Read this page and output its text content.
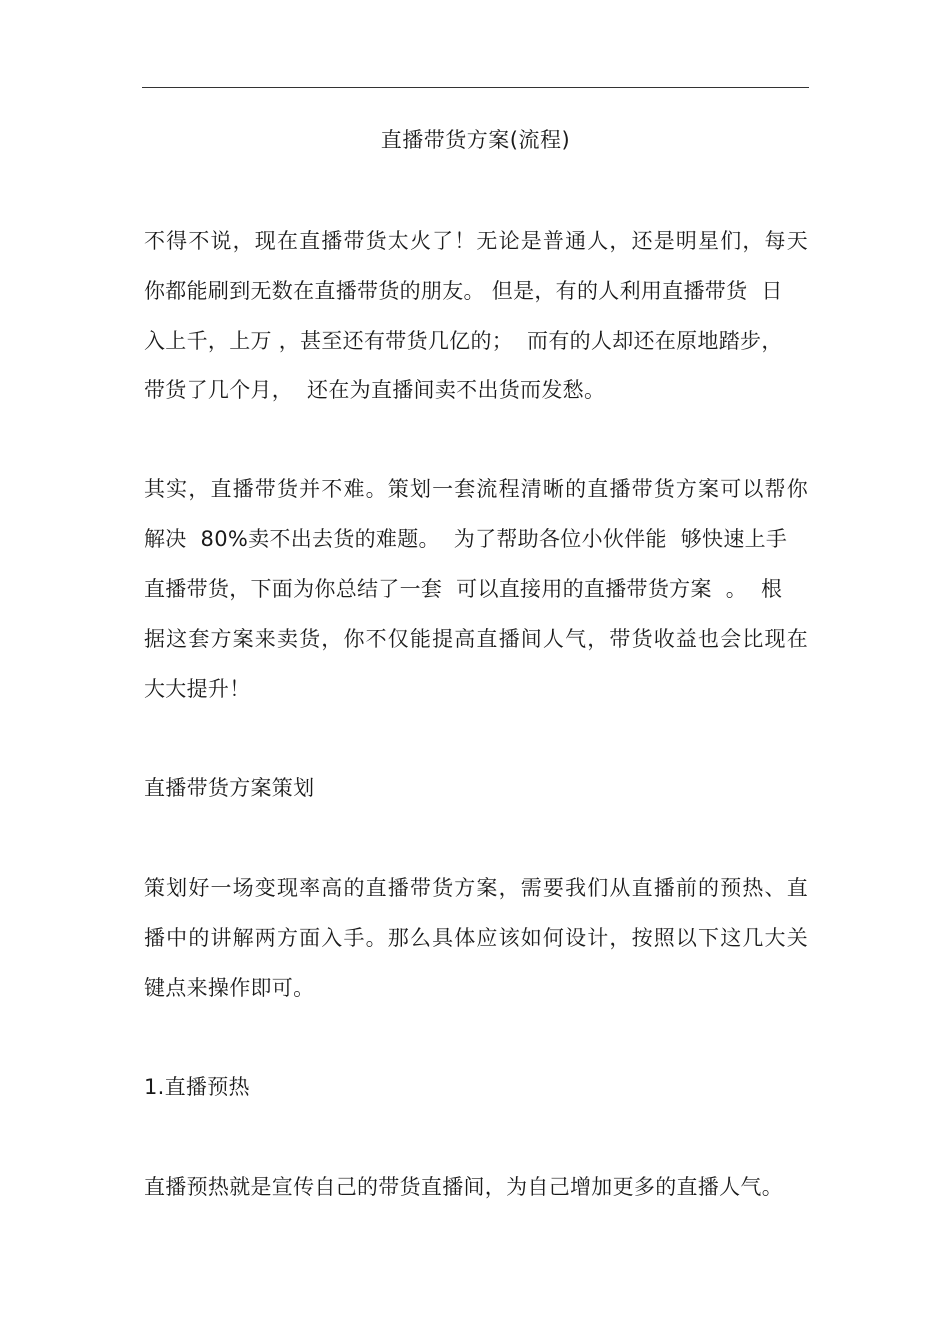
直播带货方案(流程)
不得不说，现在直播带货太火了！无论是普通人，还是明星们，每天
你都能刷到无数在直播带货的朋友。 但是，有的人利用直播带货  日
入上千，上万 ，甚至还有带货几亿的；  而有的人却还在原地踏步，
带货了几个月，  还在为直播间卖不出货而发愁。
其实，直播带货并不难。策划一套流程清晰的直播带货方案可以帮你
解决  80%卖不出去货的难题。  为了帮助各位小伙伴能  够快速上手
直播带货，下面为你总结了一套  可以直接用的直播带货方案  。  根
据这套方案来卖货，你不仅能提高直播间人气，带货收益也会比现在
大大提升！
直播带货方案策划
策划好一场变现率高的直播带货方案，需要我们从直播前的预热、直
播中的讲解两方面入手。那么具体应该如何设计，按照以下这几大关
键点来操作即可。
1.直播预热
直播预热就是宣传自己的带货直播间，为自己增加更多的直播人气。
